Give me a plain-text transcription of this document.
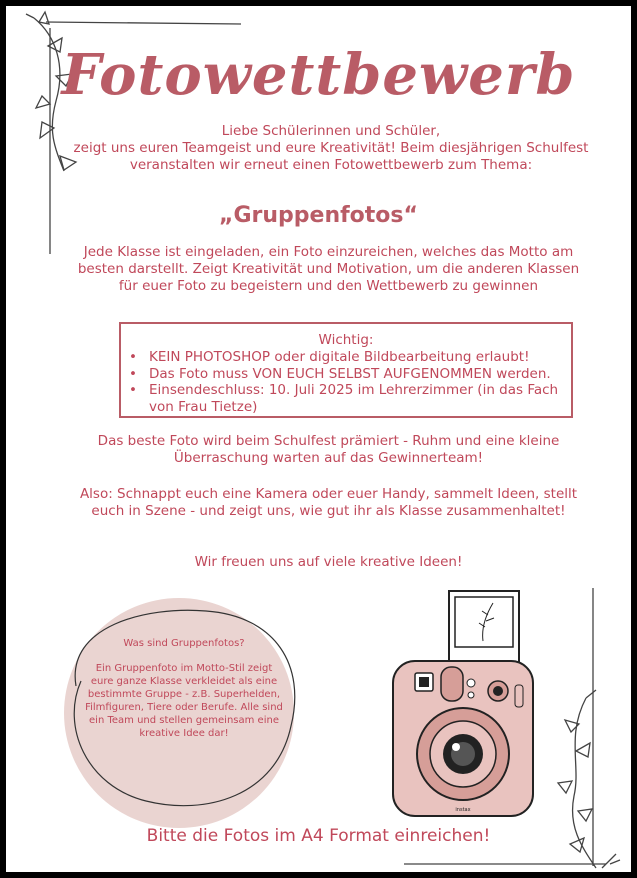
instax
Fotowettbewerb
Liebe Schülerinnen und Schüler,
zeigt uns euren Teamgeist und eure Kreativität! Beim diesjährigen Schulfest veranstalten wir erneut einen Fotowettbewerb zum Thema:
„Gruppenfotos“
Jede Klasse ist eingeladen, ein Foto einzureichen, welches das Motto am besten darstellt. Zeigt Kreativität und Motivation, um die anderen Klassen für euer Foto zu begeistern und den Wettbewerb zu gewinnen
Wichtig:
• KEIN PHOTOSHOP oder digitale Bildbearbeitung erlaubt!
• Das Foto muss VON EUCH SELBST AUFGENOMMEN werden.
• Einsendeschluss: 10. Juli 2025 im Lehrerzimmer (in das Fach von Frau Tietze)
Das beste Foto wird beim Schulfest prämiert - Ruhm und eine kleine Überraschung warten auf das Gewinnerteam!
Also: Schnappt euch eine Kamera oder euer Handy, sammelt Ideen, stellt euch in Szene - und zeigt uns, wie gut ihr als Klasse zusammenhaltet!
Wir freuen uns auf viele kreative Ideen!
Was sind Gruppenfotos?
Ein Gruppenfoto im Motto-Stil zeigt eure ganze Klasse verkleidet als eine bestimmte Gruppe - z.B. Superhelden, Filmfiguren, Tiere oder Berufe. Alle sind ein Team und stellen gemeinsam eine kreative Idee dar!
Bitte die Fotos im A4 Format einreichen!
